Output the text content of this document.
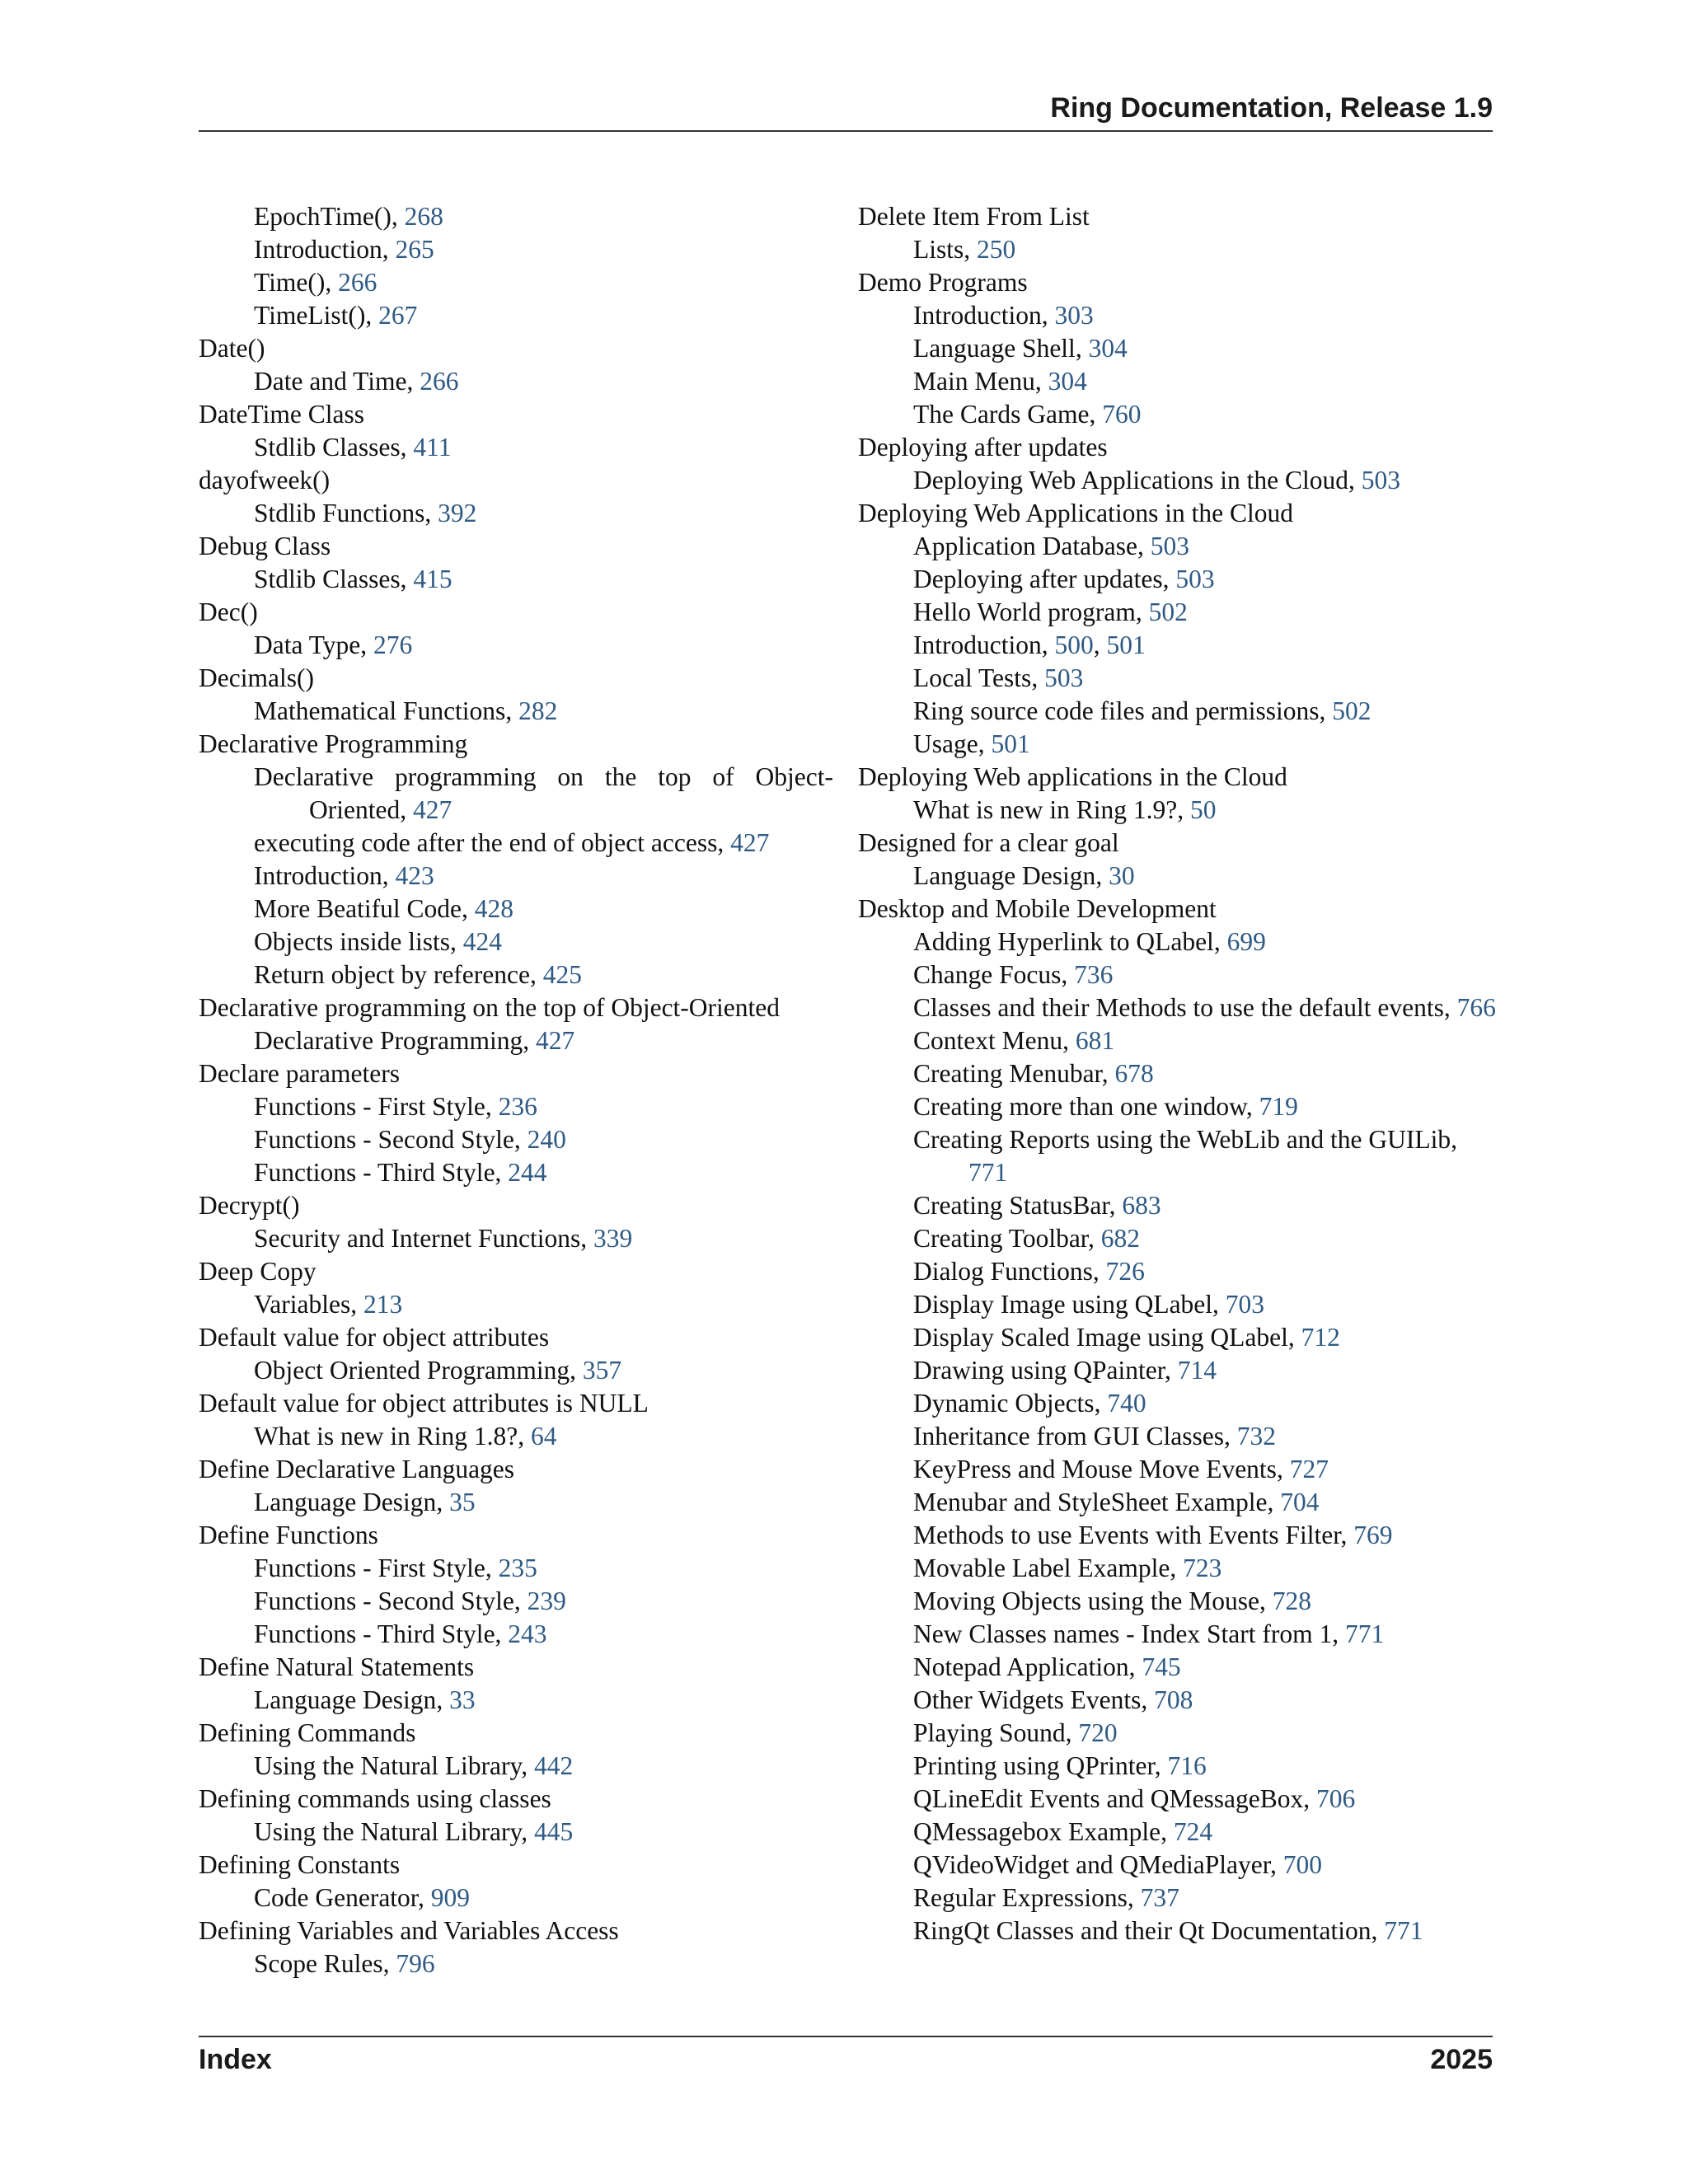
Ring Documentation, Release 1.9
EpochTime(), 268
Introduction, 265
Time(), 266
TimeList(), 267
Date()
Date and Time, 266
DateTime Class
Stdlib Classes, 411
dayofweek()
Stdlib Functions, 392
Debug Class
Stdlib Classes, 415
Dec()
Data Type, 276
Decimals()
Mathematical Functions, 282
Declarative Programming
Declarative programming on the top of Object-Oriented, 427
executing code after the end of object access, 427
Introduction, 423
More Beatiful Code, 428
Objects inside lists, 424
Return object by reference, 425
Declarative programming on the top of Object-Oriented
Declarative Programming, 427
Declare parameters
Functions - First Style, 236
Functions - Second Style, 240
Functions - Third Style, 244
Decrypt()
Security and Internet Functions, 339
Deep Copy
Variables, 213
Default value for object attributes
Object Oriented Programming, 357
Default value for object attributes is NULL
What is new in Ring 1.8?, 64
Define Declarative Languages
Language Design, 35
Define Functions
Functions - First Style, 235
Functions - Second Style, 239
Functions - Third Style, 243
Define Natural Statements
Language Design, 33
Defining Commands
Using the Natural Library, 442
Defining commands using classes
Using the Natural Library, 445
Defining Constants
Code Generator, 909
Defining Variables and Variables Access
Scope Rules, 796
Delete Item From List
Lists, 250
Demo Programs
Introduction, 303
Language Shell, 304
Main Menu, 304
The Cards Game, 760
Deploying after updates
Deploying Web Applications in the Cloud, 503
Deploying Web Applications in the Cloud
Application Database, 503
Deploying after updates, 503
Hello World program, 502
Introduction, 500, 501
Local Tests, 503
Ring source code files and permissions, 502
Usage, 501
Deploying Web applications in the Cloud
What is new in Ring 1.9?, 50
Designed for a clear goal
Language Design, 30
Desktop and Mobile Development
Adding Hyperlink to QLabel, 699
Change Focus, 736
Classes and their Methods to use the default events, 766
Context Menu, 681
Creating Menubar, 678
Creating more than one window, 719
Creating Reports using the WebLib and the GUILib, 771
Creating StatusBar, 683
Creating Toolbar, 682
Dialog Functions, 726
Display Image using QLabel, 703
Display Scaled Image using QLabel, 712
Drawing using QPainter, 714
Dynamic Objects, 740
Inheritance from GUI Classes, 732
KeyPress and Mouse Move Events, 727
Menubar and StyleSheet Example, 704
Methods to use Events with Events Filter, 769
Movable Label Example, 723
Moving Objects using the Mouse, 728
New Classes names - Index Start from 1, 771
Notepad Application, 745
Other Widgets Events, 708
Playing Sound, 720
Printing using QPrinter, 716
QLineEdit Events and QMessageBox, 706
QMessagebox Example, 724
QVideoWidget and QMediaPlayer, 700
Regular Expressions, 737
RingQt Classes and their Qt Documentation, 771
Index	2025
